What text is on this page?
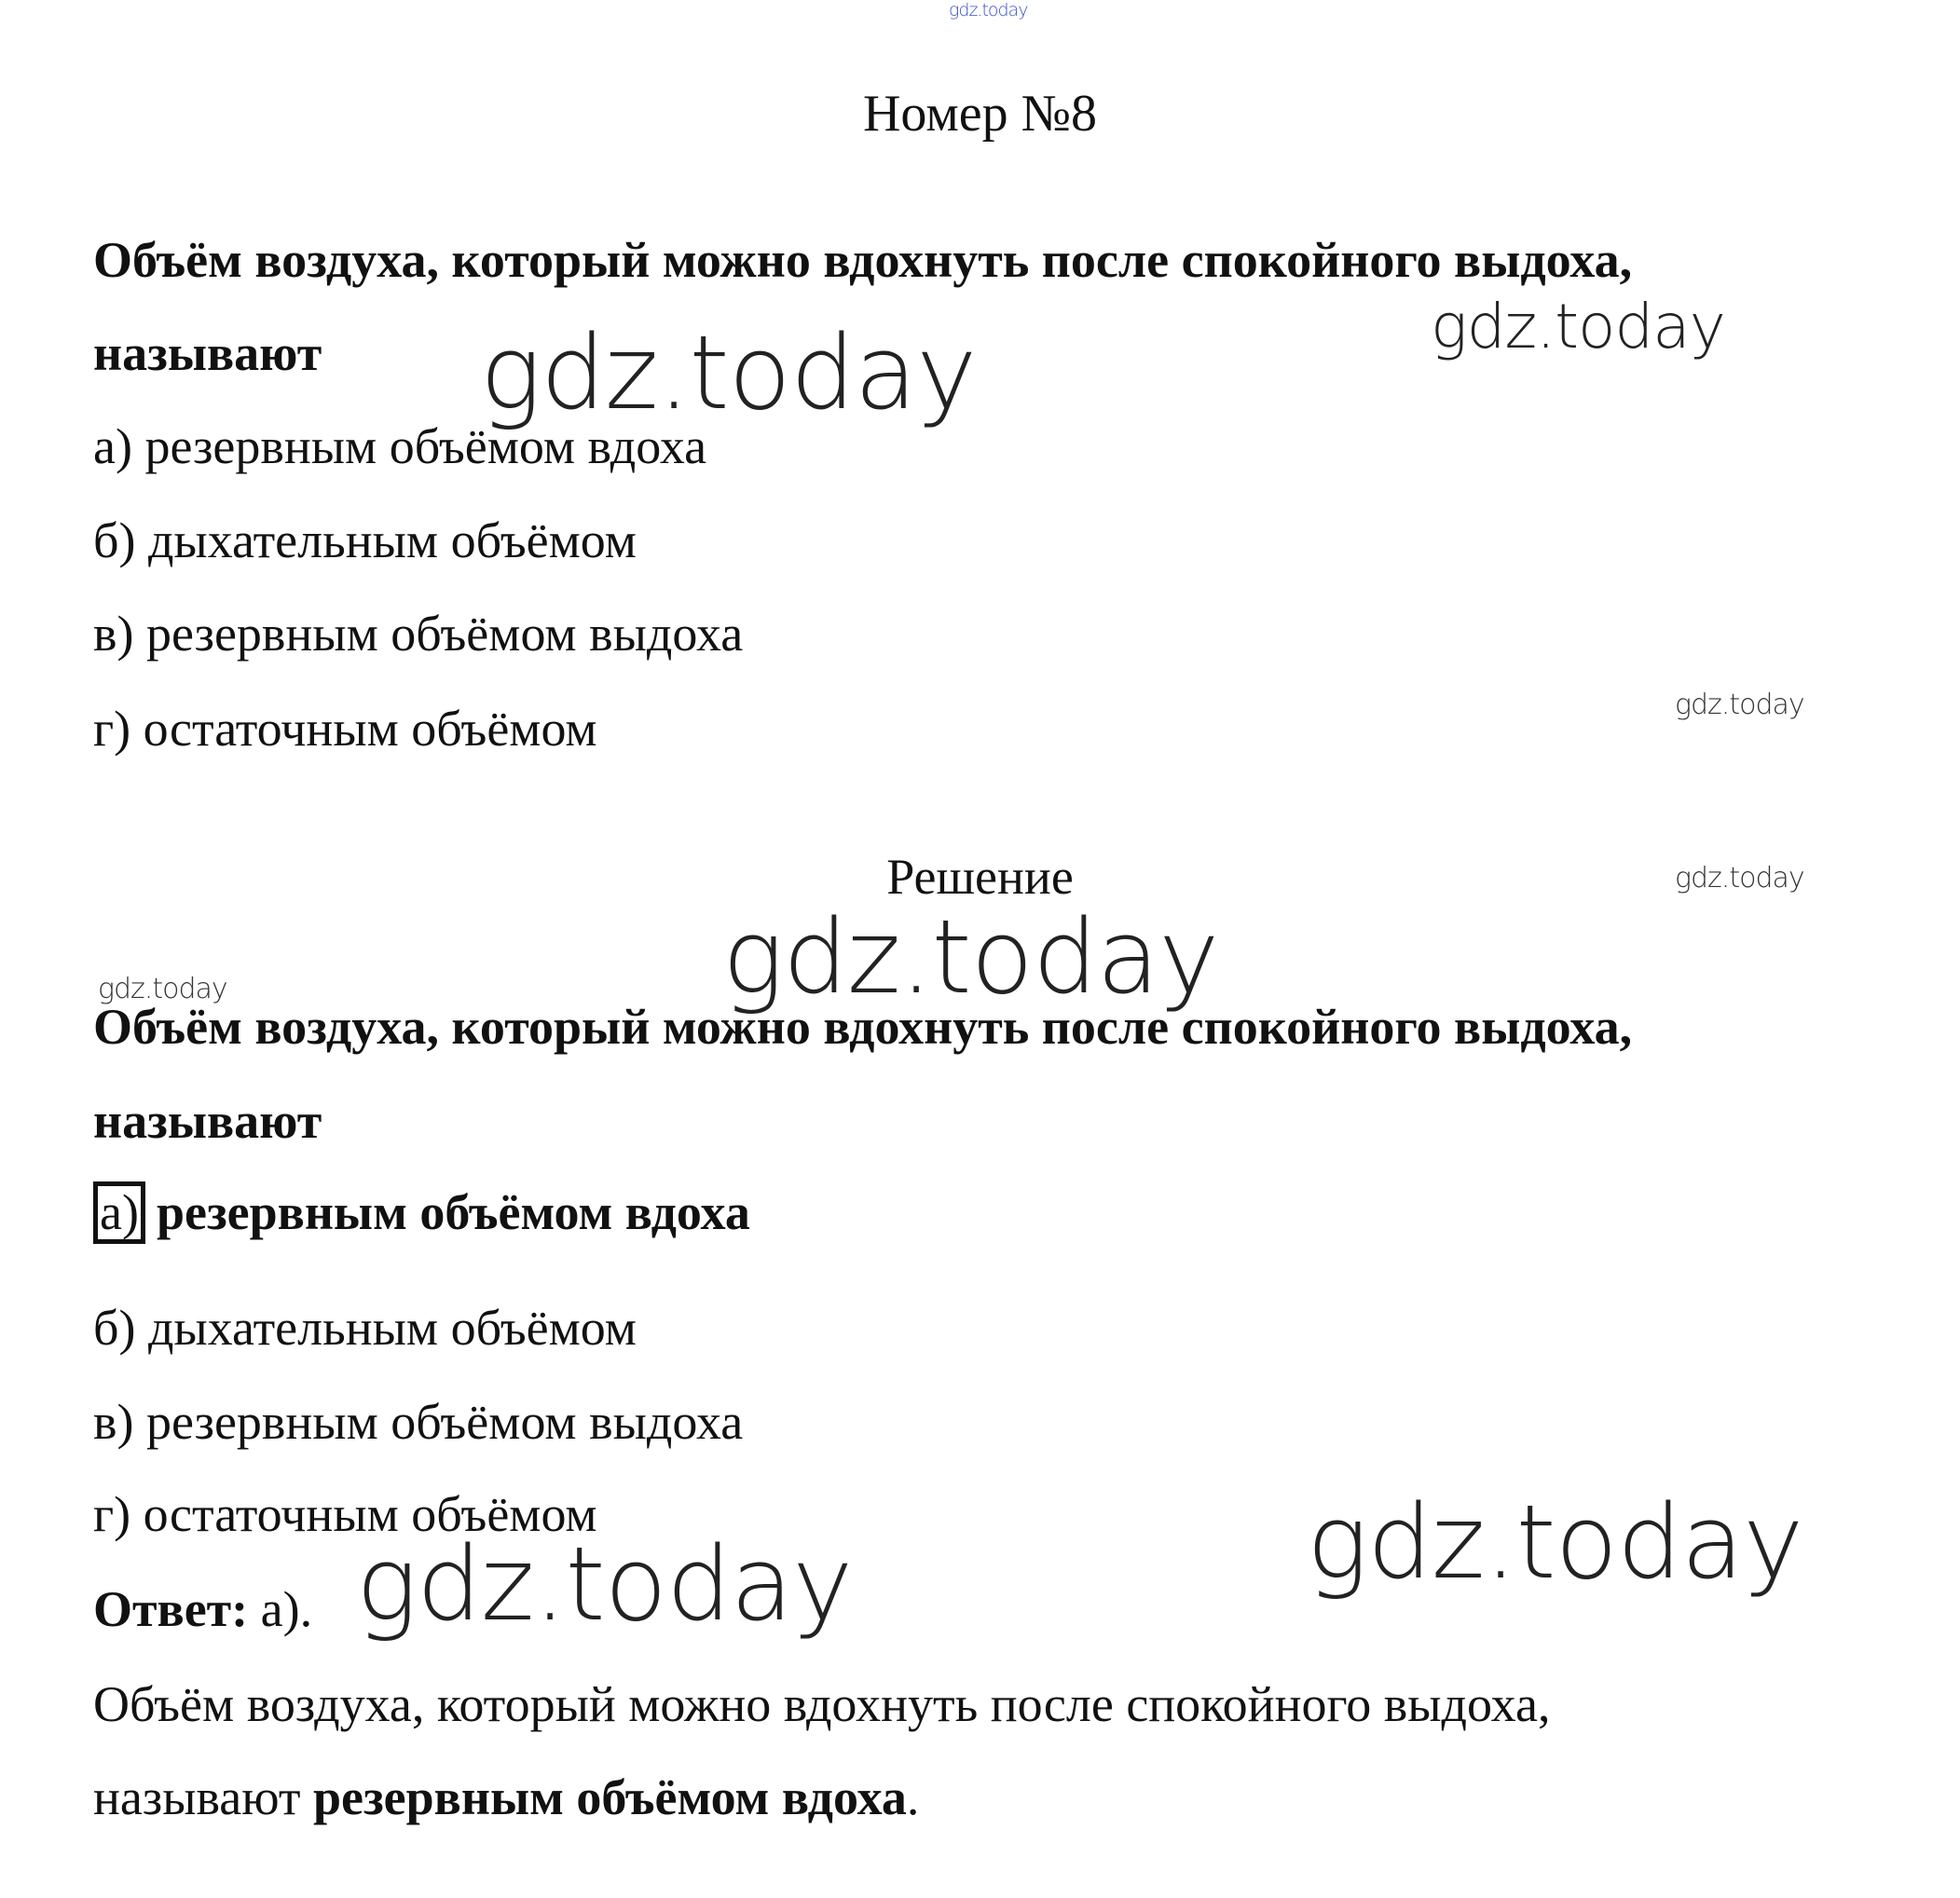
gdz.today
gdz.today
gdz.today
gdz.today
gdz.today
gdz.today
gdz.today
gdz.today
gdz.today
Номер №8
Объём воздуха, который можно вдохнуть после спокойного выдоха,
называют
а) резервным объёмом вдоха
б) дыхательным объёмом
в) резервным объёмом выдоха
г) остаточным объёмом
Решение
Объём воздуха, который можно вдохнуть после спокойного выдоха,
называют
а) резервным объёмом вдоха
б) дыхательным объёмом
в) резервным объёмом выдоха
г) остаточным объёмом
Ответ: а).
Объём воздуха, который можно вдохнуть после спокойного выдоха,
называют резервным объёмом вдоха.
